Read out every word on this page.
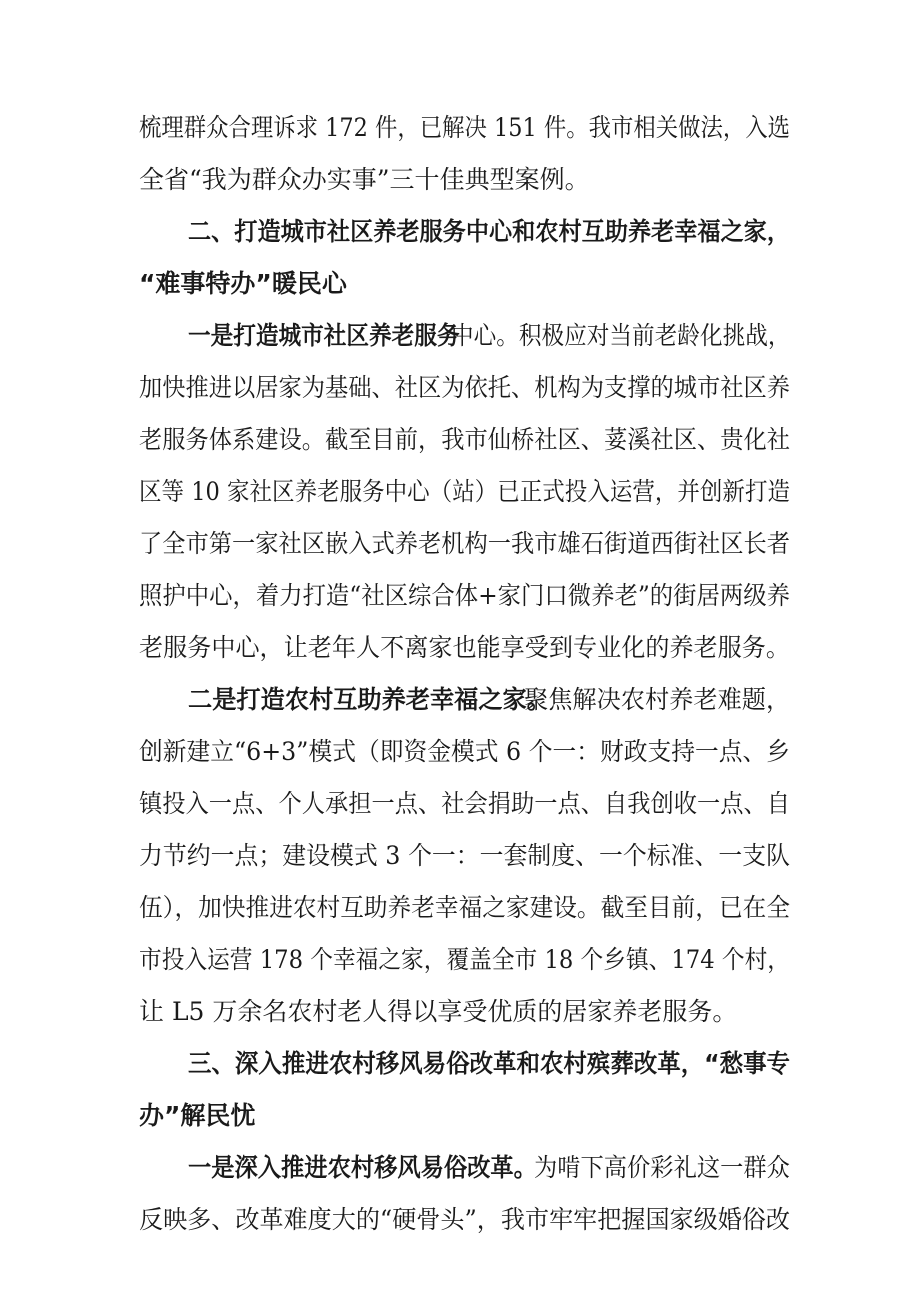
梳理群众合理诉求 172 件，已解决 151 件。我市相关做法，入选
全省“我为群众办实事”三十佳典型案例。
二、打造城市社区养老服务中心和农村互助养老幸福之家，
“难事特办”暖民心
一是打造城市社区养老服务
中心。积极应对当前老龄化挑战，
加快推进以居家为基础、社区为依托、机构为支撑的城市社区养
老服务体系建设。截至目前，我市仙桥社区、荽溪社区、贵化社
区等 10 家社区养老服务中心（站）已正式投入运营，并创新打造
了全市第一家社区嵌入式养老机构一我市雄石街道西街社区长者
照护中心，着力打造“社区综合体+家门口微养老”的街居两级养
老服务中心，让老年人不离家也能享受到专业化的养老服务。
二是打造农村互助养老幸福之家。
聚焦解决农村养老难题，
创新建立“6+3”模式（即资金模式 6 个一：财政支持一点、乡
镇投入一点、个人承担一点、社会捐助一点、自我创收一点、自
力节约一点；建设模式 3 个一：一套制度、一个标准、一支队
伍），加快推进农村互助养老幸福之家建设。截至目前，已在全
市投入运营 178 个幸福之家，覆盖全市 18 个乡镇、174 个村，
让 L5 万余名农村老人得以享受优质的居家养老服务。
三、深入推进农村移风易俗改革和农村殡葬改革，“愁事专
办”解民忧
一是深入推进农村移风易俗改革。
为啃下高价彩礼这一群众
反映多、改革难度大的“硬骨头”，我市牢牢把握国家级婚俗改
